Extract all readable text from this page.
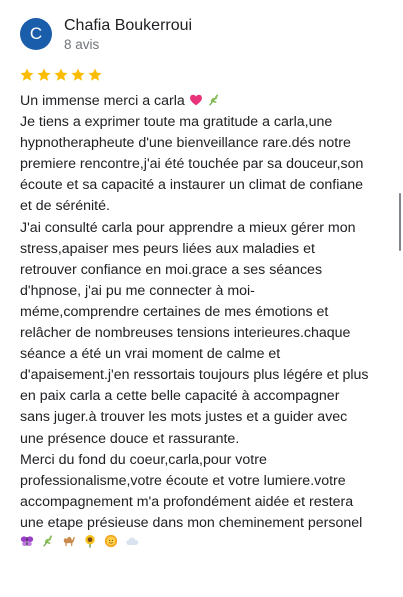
C Chafia Boukerroui
8 avis
Un immense merci a carla
Je tiens a exprimer toute ma gratitude a carla,une
hypnotherapheute d'une bienveillance rare.dés notre
premiere rencontre,j'ai été touchée par sa douceur,son
écoute et sa capacité a instaurer un climat de confiane
et de sérénité.
J'ai consulté carla pour apprendre a mieux gérer mon
stress,apaiser mes peurs liées aux maladies et
retrouver confiance en moi.grace a ses séances
d'hpnose, j'ai pu me connecter à moi-
méme,comprendre certaines de mes émotions et
relâcher de nombreuses tensions interieures.chaque
séance a été un vrai moment de calme et
d'apaisement.j'en ressortais toujours plus légére et plus
en paix carla a cette belle capacité à accompagner
sans juger.à trouver les mots justes et a guider avec
une présence douce et rassurante.
Merci du fond du coeur,carla,pour votre
professionalisme,votre écoute et votre lumiere.votre
accompagnement m'a profondément aidée et restera
une etape présieuse dans mon cheminement personel
